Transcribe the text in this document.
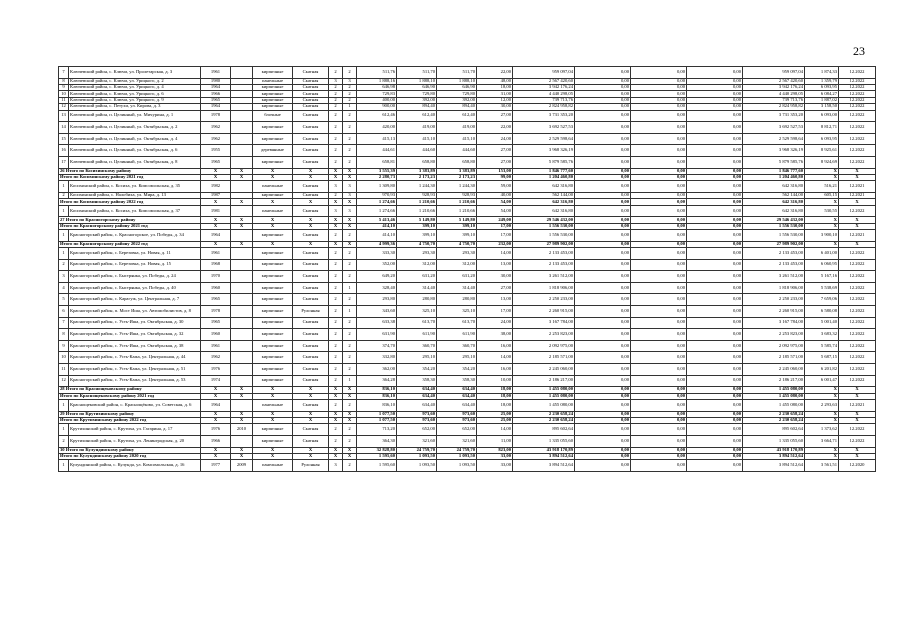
23
7	Ключевский район, с. Ключи, ул. Пролетарская, д. 3	1961		кирпичные	Скатная	2	2	511,76	511,70	511,70	22,00	959 097,04	0,00	0,00	0,00	959 097,04	1 874,33	12.2022
8	Ключевский район, с. Ключи, ул. Урицкого, д. 2	1980		панельные	Скатная	3	3	1 888,16	1 888,10	1 888,10	48,00	2 567 420,60	0,00	0,00	0,00	2 567 420,60	1 359,79	12.2022
9	Ключевский район, с. Ключи, ул. Урицкого, д. 4	1964		кирпичные	Скатная	2	2	646,98	646,90	646,90	18,00	3 942 176,24	0,00	0,00	0,00	3 942 176,24	6 093,95	12.2022
10	Ключевский район, с. Ключи, ул. Урицкого, д. 6	1966		кирпичные	Скатная	2	2	729,83	729,80	729,80	31,00	4 440 298,05	0,00	0,00	0,00	4 440 298,05	6 084,27	12.2022
11	Ключевский район, с. Ключи, ул. Урицкого, д. 9	1965		кирпичные	Скатная	2	2	400,00	392,00	392,00	12,00	739 713,76	0,00	0,00	0,00	739 713,76	1 887,02	12.2022
12	Ключевский район, с. Петухи, ул. Кирова, д. 3	1964		кирпичные	Скатная	2	1	900,00	894,40	894,40	30,00	2 824 958,82	0,00	0,00	0,00	2 824 958,82	3 158,50	12.2022
13	Ключевский район, п. Целинный, ул. Мичурина, д. 1	1978		блочные	Скатная	2	2	612,46	612,40	612,40	27,00	3 731 353,20	0,00	0,00	0,00	3 731 353,20	6 093,00	12.2022
14	Ключевский район, п. Целинный, ул. Октябрьская, д. 2	1962		кирпичные	Скатная	2	2	420,00	419,00	419,00	22,00	3 692 527,53	0,00	0,00	0,00	3 692 527,53	8 812,71	12.2022
15	Ключевский район, п. Целинный, ул. Октябрьская, д. 4	1962		кирпичные	Скатная	2	2	415,13	415,10	415,10	24,00	2 529 598,64	0,00	0,00	0,00	2 529 598,64	6 093,95	12.2022
16	Ключевский район, п. Целинный, ул. Октябрьская, д. 6	1955		деревянные	Скатная	2	2	444,61	444,60	444,60	27,00	3 968 326,19	0,00	0,00	0,00	3 968 326,19	8 925,61	12.2022
17	Ключевский район, п. Целинный, ул. Октябрьская, д. 8	1965		кирпичные	Скатная	2	2	658,81	658,80	658,80	27,00	5 879 585,76	0,00	0,00	0,00	5 879 585,76	8 924,69	12.2022
26 Итого по Косихинскому району		X	X	X	X	X	X	3 555,39	3 383,89	3 383,89	153,00	1 846 777,60	0,00	0,00	0,00	1 846 777,60	X	X
Итого по Косихинскому району 2021 год		X	X	X	X	X	X	2 280,73	2 173,23	2 173,23	99,00	1 204 460,80	0,00	0,00	0,00	1 204 460,80	X	X
1	Косихинский район, с. Косиха, ул. Комсомольская, д. 35	1982		панельные	Скатная	3	3	1 309,80	1 244,30	1 244,30	59,00	642 316,80	0,00	0,00	0,00	642 316,80	516,21	12.2021
2	Косихинский район, с. Налобиха, ул. Мира, д. 13	1987		кирпичные	Скатная	2	3	970,93	928,93	928,93	40,00	562 144,00	0,00	0,00	0,00	562 144,00	605,15	12.2021
Итого по Косихинскому району 2022 год		X	X	X	X	X	X	1 274,66	1 210,66	1 210,66	54,00	642 316,80	0,00	0,00	0,00	642 316,80	X	X
1	Косихинский район, с. Косиха, ул. Комсомольская, д. 37	1981		панельные	Скатная	3	3	1 274,66	1 210,66	1 210,66	54,00	642 316,80	0,00	0,00	0,00	642 316,80	530,55	12.2022
27 Итого по Красногорскому району		X	X	X	X	X	X	5 413,46	5 149,80	5 149,80	249,00	29 546 432,00	0,00	0,00	0,00	29 546 432,00	X	X
Итого по Красногорскому району 2021 год		X	X	X	X	X	X	414,10	399,10	399,10	17,00	1 556 530,00	0,00	0,00	0,00	1 556 530,00	X	X
1	Красногорский район, с. Красногорское, ул. Победы, д. 34	1964		кирпичные	Скатная	2	2	414,10	399,10	399,10	17,00	1 556 530,00	0,00	0,00	0,00	1 556 530,00	3 900,10	12.2021
Итого по Красногорскому району 2022 год		X	X	X	X	X	X	4 999,36	4 750,70	4 750,70	232,00	27 989 902,00	0,00	0,00	0,00	27 989 902,00	X	X
1	Красногорский район, с. Березовка, ул. Новая, д. 11	1961		кирпичные	Скатная	2	2	333,30	293,30	293,30	14,00	2 133 453,00	0,00	0,00	0,00	2 133 453,00	6 401,00	12.2022
2	Красногорский район, с. Березовка, ул. Новая, д. 15	1968		кирпичные	Скатная	2	2	352,00	312,00	312,00	13,00	2 133 453,00	0,00	0,00	0,00	2 133 453,00	6 060,95	12.2022
3	Красногорский район, с. Быстрянка, ул. Победы, д. 24	1970		кирпичные	Скатная	2	2	649,20	631,20	631,20	30,00	3 261 512,00	0,00	0,00	0,00	3 261 512,00	5 167,16	12.2022
4	Красногорский район, с. Быстрянка, ул. Победы, д. 40	1960		кирпичные	Скатная	2	1	328,40	314,40	314,40	27,00	1 818 906,00	0,00	0,00	0,00	1 818 906,00	5 538,69	12.2022
5	Красногорский район, с. Карагуж, ул. Центральная, д. 7	1965		кирпичные	Скатная	2	2	293,80	280,80	280,80	13,00	2 250 233,00	0,00	0,00	0,00	2 250 233,00	7 659,06	12.2022
6	Красногорский район, п. Мост Иша, ул. Автомобилистов, д. 8	1978		кирпичные	Рулонная	2	1	343,60	325,10	325,10	17,00	2 260 915,00	0,00	0,00	0,00	2 260 915,00	6 580,08	12.2022
7	Красногорский район, с. Усть-Иша, ул. Октябрьская, д. 30	1965		кирпичные	Скатная	2	2	633,38	613,70	613,70	24,00	3 167 784,00	0,00	0,00	0,00	3 167 784,00	5 001,40	12.2022
8	Красногорский район, с. Усть-Иша, ул. Октябрьская, д. 32	1960		кирпичные	Скатная	2	2	631,90	611,90	611,90	38,00	2 253 823,00	0,00	0,00	0,00	2 253 823,00	3 683,32	12.2022
9	Красногорский район, с. Усть-Иша, ул. Октябрьская, д. 38	1961		кирпичные	Скатная	2	2	374,70	360,70	360,70	16,00	2 092 975,00	0,00	0,00	0,00	2 092 975,00	5 585,74	12.2022
10	Красногорский район, с. Усть-Кажа, ул. Центральная, д. 44	1962		кирпичные	Скатная	2	2	332,80	295,10	295,10	14,00	2 185 571,00	0,00	0,00	0,00	2 185 571,00	5 687,15	12.2022
11	Красногорский район, с. Усть-Кажа, ул. Центральная, д. 51	1976		кирпичные	Скатная	2	2	362,00	354,20	354,20	16,00	2 245 060,00	0,00	0,00	0,00	2 245 060,00	6 201,82	12.2022
12	Красногорский район, с. Усть-Кажа, ул. Центральная, д. 53	1974		кирпичные	Скатная	2	1	364,28	358,30	358,30	10,00	2 186 217,00	0,00	0,00	0,00	2 186 217,00	6 001,47	12.2022
28 Итого по Краснощековскому району		X	X	X	X	X	X	836,10	634,40	634,40	18,00	1 455 080,00	0,00	0,00	0,00	1 455 080,00	X	X
Итого по Краснощековскому району 2021 год		X	X	X	X	X	X	836,10	634,40	634,40	18,00	1 455 080,00	0,00	0,00	0,00	1 455 080,00	X	X
1	Краснощековский район, с. Краснощёково, ул. Советская, д. 6	1964		панельные	Скатная	2	2	836,10	634,40	634,40	18,00	1 455 080,00	0,00	0,00	0,00	1 455 080,00	2 293,63	12.2021
29 Итого по Крутихинскому району		X	X	X	X	X	X	1 077,50	973,60	973,60	25,00	2 230 658,24	0,00	0,00	0,00	2 230 658,24	X	X
Итого по Крутихинскому району 2022 год		X	X	X	X	X	X	1 077,50	973,60	973,60	25,00	2 230 658,24	0,00	0,00	0,00	2 230 658,24	X	X
1	Крутихинский район, с. Крутиха, ул. Гагарина, д. 17	1976	2010	кирпичные	Скатная	2	2	713,20	652,00	652,00	14,00	895 602,64	0,00	0,00	0,00	895 602,64	1 373,62	12.2022
2	Крутихинский район, с. Крутиха, ул. Ленинградская, д. 20	1966		кирпичные	Скатная	2	2	364,30	321,60	321,60	11,00	1 335 055,60	0,00	0,00	0,00	1 335 055,60	3 664,71	12.2022
30 Итого по Кулундинскому району		X	X	X	X	X	X	32 828,80	24 759,70	24 759,70	823,00	43 918 170,89	0,00	0,00	0,00	43 918 170,89	X	X
Итого по Кулундинскому району 2020 год		X	X	X	X	X	X	1 595,60	1 093,50	1 093,50	33,00	3 894 512,64	0,00	0,00	0,00	3 894 512,64	X	X
1	Кулундинский район, с. Кулунда, ул. Комсомольская, д. 16	1977	2009	панельные	Рулонная	3	2	1 595,60	1 093,50	1 093,50	33,00	3 894 512,64	0,00	0,00	0,00	3 894 512,64	3 561,51	12.2020
